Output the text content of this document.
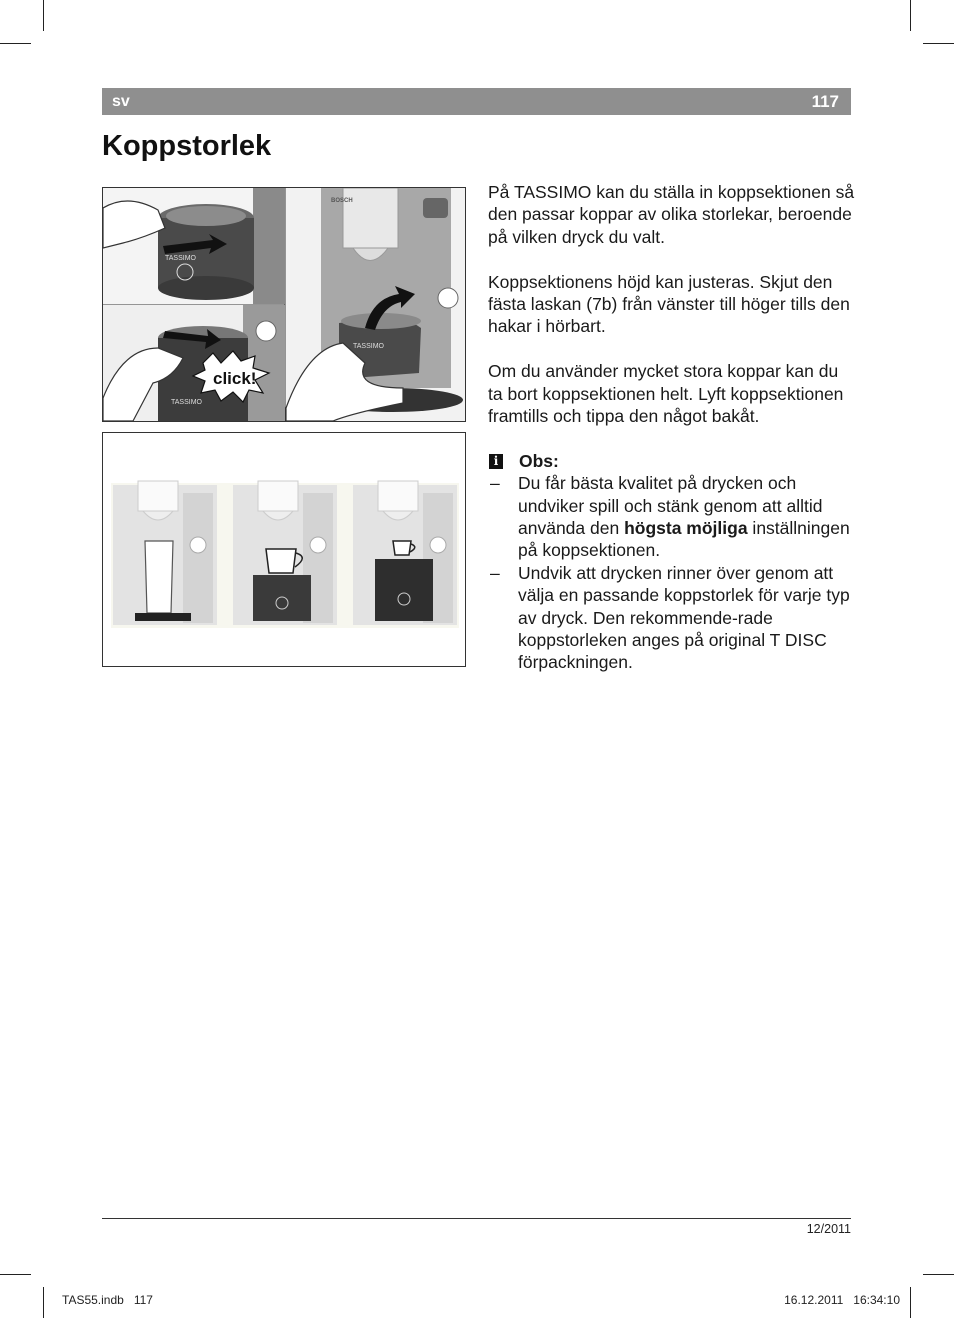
sv	117
Koppstorlek
TASSIMO
click!
TASSIMO
BOSCH
TASSIMO

På TASSIMO kan du ställa in koppsektionen så den passar koppar av olika storlekar, beroende på vilken dryck du valt.

Koppsektionens höjd kan justeras. Skjut den fästa laskan (7b) från vänster till höger tills den hakar i hörbart.

Om du använder mycket stora koppar kan du ta bort koppsektionen helt. Lyft koppsektionen framtills och tippa den något bakåt.

i Obs:
– Du får bästa kvalitet på drycken och undviker spill och stänk genom att alltid använda den högsta möjliga inställningen på koppsektionen.
– Undvik att drycken rinner över genom att välja en passande koppstorlek för varje typ av dryck. Den rekommende-rade koppstorleken anges på original T DISC förpackningen.
12/2011
TAS55.indb   117	16.12.2011   16:34:10
